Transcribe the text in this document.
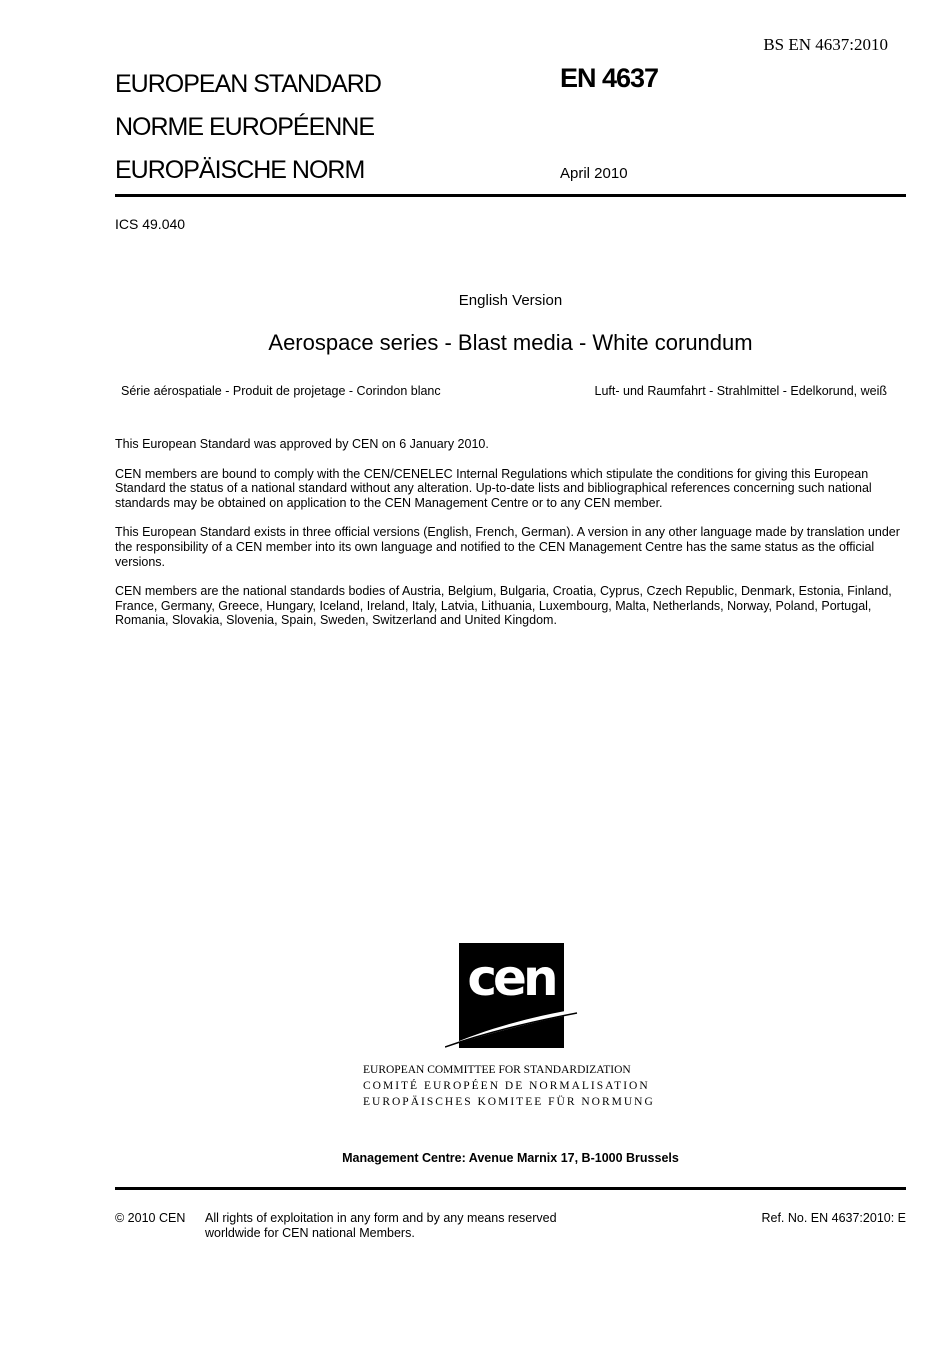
BS EN 4637:2010
EUROPEAN STANDARD
NORME EUROPÉENNE
EUROPÄISCHE NORM
EN 4637
April 2010
ICS 49.040
English Version
Aerospace series - Blast media - White corundum
Série aérospatiale - Produit de projetage - Corindon blanc	Luft- und Raumfahrt - Strahlmittel - Edelkorund, weiß

This European Standard was approved by CEN on 6 January 2010.

CEN members are bound to comply with the CEN/CENELEC Internal Regulations which stipulate the conditions for giving this European Standard the status of a national standard without any alteration. Up-to-date lists and bibliographical references concerning such national standards may be obtained on application to the CEN Management Centre or to any CEN member.

This European Standard exists in three official versions (English, French, German). A version in any other language made by translation under the responsibility of a CEN member into its own language and notified to the CEN Management Centre has the same status as the official versions.

CEN members are the national standards bodies of Austria, Belgium, Bulgaria, Croatia, Cyprus, Czech Republic, Denmark, Estonia, Finland, France, Germany, Greece, Hungary, Iceland, Ireland, Italy, Latvia, Lithuania, Luxembourg, Malta, Netherlands, Norway, Poland, Portugal, Romania, Slovakia, Slovenia, Spain, Sweden, Switzerland and United Kingdom.

cen
EUROPEAN COMMITTEE FOR STANDARDIZATION
COMITÉ EUROPÉEN DE NORMALISATION
EUROPÄISCHES KOMITEE FÜR NORMUNG
Management Centre: Avenue Marnix 17, B-1000 Brussels
© 2010 CEN All rights of exploitation in any form and by any means reserved worldwide for CEN national Members.
Ref. No. EN 4637:2010: E
